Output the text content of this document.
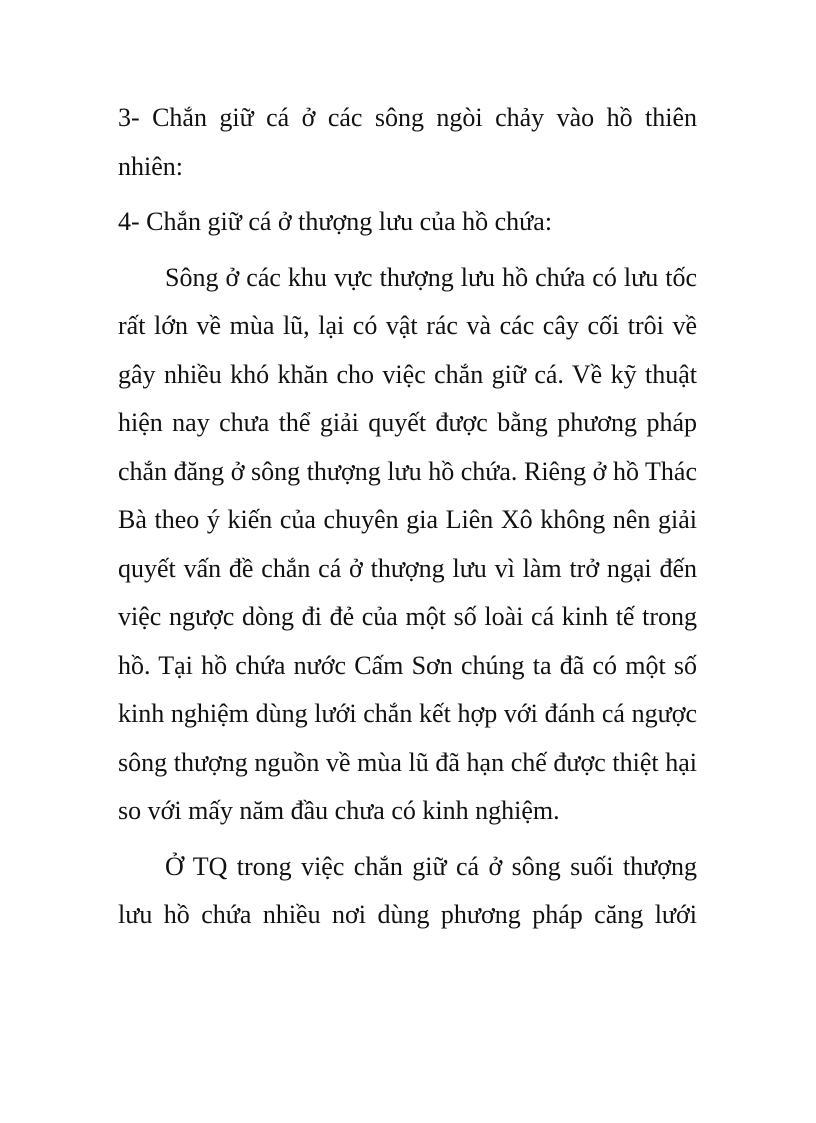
3- Chắn giữ cá ở các sông ngòi chảy vào hồ thiên nhiên:

4- Chắn giữ cá ở thượng lưu của hồ chứa:

Sông ở các khu vực thượng lưu hồ chứa có lưu tốc rất lớn về mùa lũ, lại có vật rác và các cây cối trôi về gây nhiều khó khăn cho việc chắn giữ cá. Về kỹ thuật hiện nay chưa thể giải quyết được bằng phương pháp chắn đăng ở sông thượng lưu hồ chứa. Riêng ở hồ Thác Bà theo ý kiến của chuyên gia Liên Xô không nên giải quyết vấn đề chắn cá ở thượng lưu vì làm trở ngại đến việc ngược dòng đi đẻ của một số loài cá kinh tế trong hồ. Tại hồ chứa nước Cấm Sơn chúng ta đã có một số kinh nghiệm dùng lưới chắn kết hợp với đánh cá ngược sông thượng nguồn về mùa lũ đã hạn chế được thiệt hại so với mấy năm đầu chưa có kinh nghiệm.

Ở TQ trong việc chắn giữ cá ở sông suối thượng lưu hồ chứa nhiều nơi dùng phương pháp căng lưới
